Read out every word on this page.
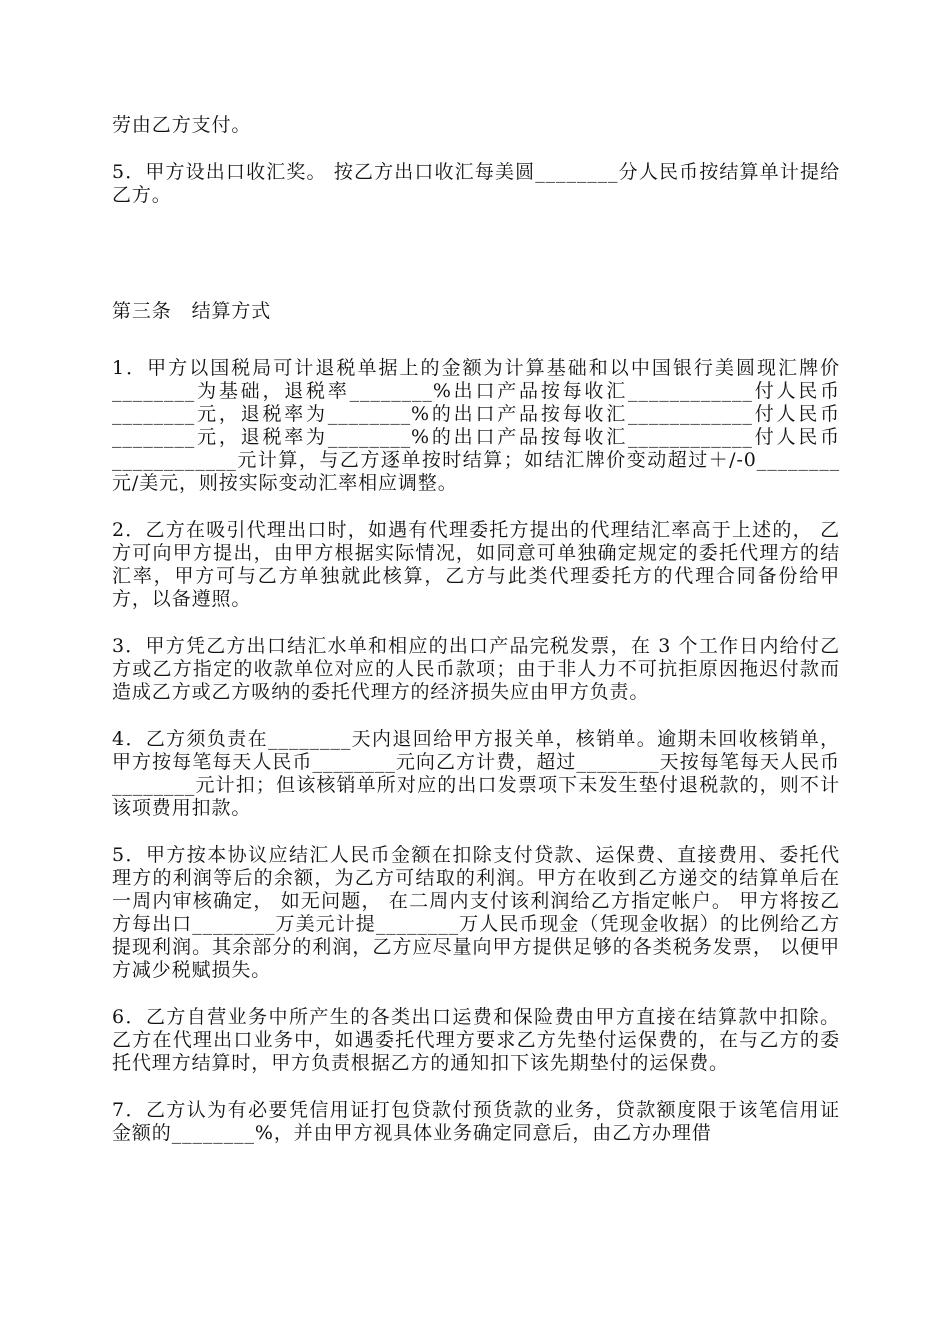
劳由乙方支付。

5．甲方设出口收汇奖。 按乙方出口收汇每美圆________分人民币按结算单计提给乙方。

第三条　结算方式

1．甲方以国税局可计退税单据上的金额为计算基础和以中国银行美圆现汇牌价________为基础，退税率________%出口产品按每收汇____________付人民币________元，退税率为________%的出口产品按每收汇____________付人民币________元，退税率为________%的出口产品按每收汇____________付人民币____________元计算，与乙方逐单按时结算；如结汇牌价变动超过＋/-0________元/美元，则按实际变动汇率相应调整。

2．乙方在吸引代理出口时，如遇有代理委托方提出的代理结汇率高于上述的， 乙方可向甲方提出，由甲方根据实际情况，如同意可单独确定规定的委托代理方的结汇率，甲方可与乙方单独就此核算，乙方与此类代理委托方的代理合同备份给甲方，以备遵照。

3．甲方凭乙方出口结汇水单和相应的出口产品完税发票，在 3 个工作日内给付乙方或乙方指定的收款单位对应的人民币款项；由于非人力不可抗拒原因拖迟付款而造成乙方或乙方吸纳的委托代理方的经济损失应由甲方负责。

4．乙方须负责在________天内退回给甲方报关单，核销单。逾期未回收核销单，甲方按每笔每天人民币________元向乙方计费，超过________天按每笔每天人民币________元计扣；但该核销单所对应的出口发票项下未发生垫付退税款的，则不计该项费用扣款。

5．甲方按本协议应结汇人民币金额在扣除支付贷款、运保费、直接费用、委托代理方的利润等后的余额，为乙方可结取的利润。甲方在收到乙方递交的结算单后在一周内审核确定， 如无问题， 在二周内支付该利润给乙方指定帐户。 甲方将按乙方每出口________万美元计提________万人民币现金（凭现金收据）的比例给乙方提现利润。其余部分的利润，乙方应尽量向甲方提供足够的各类税务发票， 以便甲方减少税赋损失。

6．乙方自营业务中所产生的各类出口运费和保险费由甲方直接在结算款中扣除。乙方在代理出口业务中，如遇委托代理方要求乙方先垫付运保费的，在与乙方的委托代理方结算时，甲方负责根据乙方的通知扣下该先期垫付的运保费。

7．乙方认为有必要凭信用证打包贷款付预货款的业务，贷款额度限于该笔信用证金额的________%，并由甲方视具体业务确定同意后，由乙方办理借
